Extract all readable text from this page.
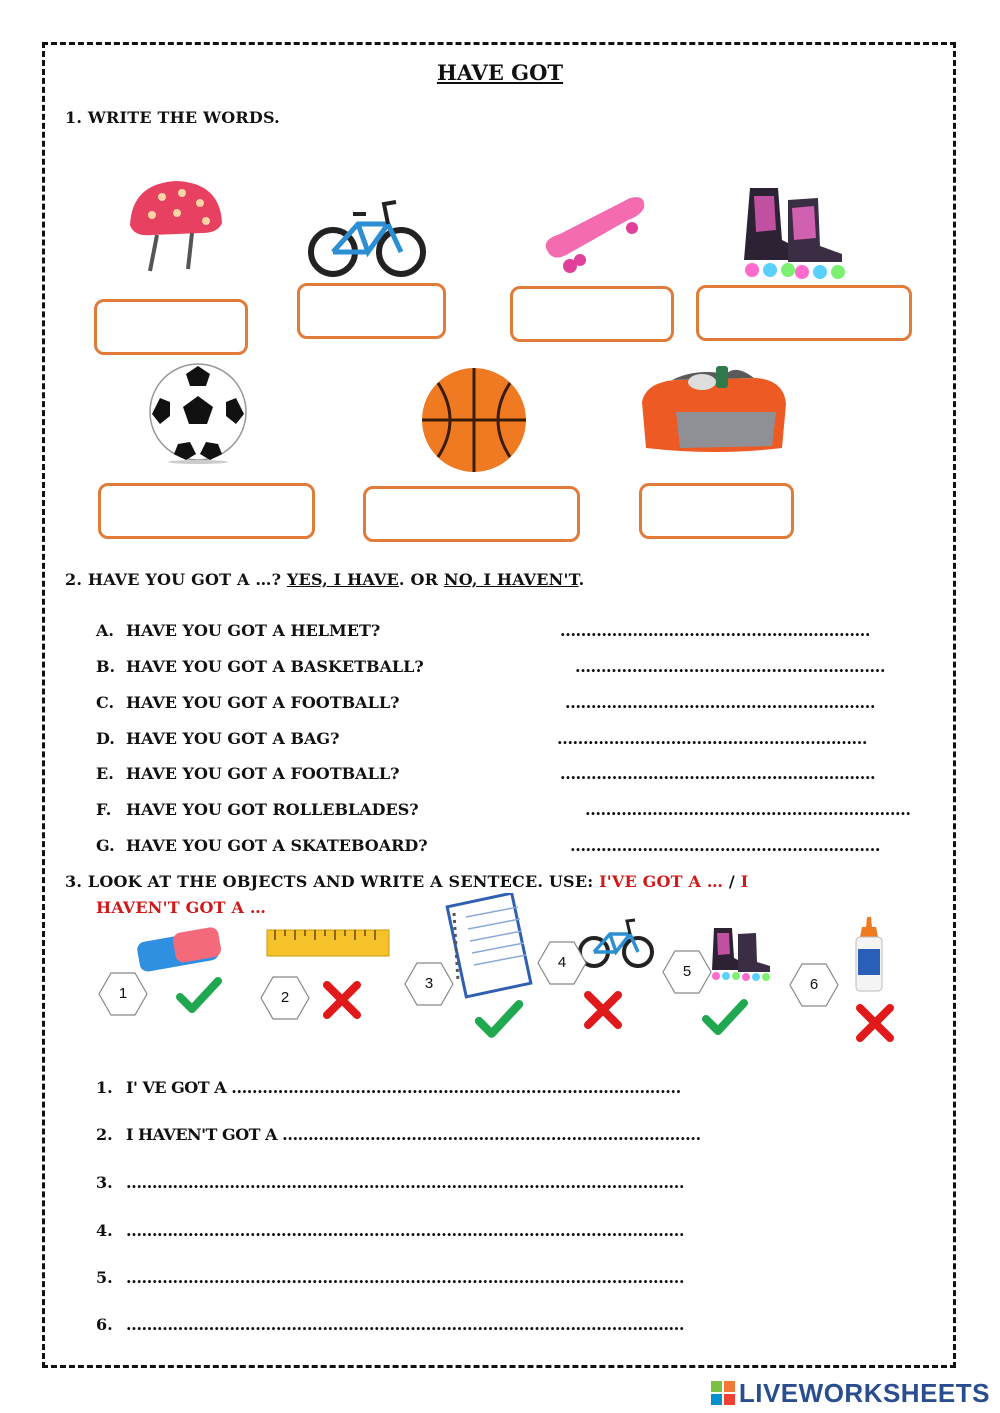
HAVE GOT
1. WRITE THE WORDS.
2. HAVE YOU GOT A …? YES, I HAVE. OR NO, I HAVEN'T.
A. HAVE YOU GOT A HELMET?	……………………………………………………
B. HAVE YOU GOT A BASKETBALL?	……………………………………………………
C. HAVE YOU GOT A FOOTBALL?	……………………………………………………
D. HAVE YOU GOT A BAG?	……………………………………………………
E. HAVE YOU GOT A FOOTBALL?	…………………………………………………….
F. HAVE YOU GOT ROLLEBLADES?	………………………………………………………
G. HAVE YOU GOT A SKATEBOARD?	……………………………………………………
3. LOOK AT THE OBJECTS AND WRITE A SENTECE. USE: I'VE GOT A … / I
HAVEN'T GOT A …
1	2
3
4
5
6
1. I' VE GOT A ……………………………………………………………………………
2. I HAVEN'T GOT A ………………………………………………………………………
3. ………………………………………………………………………………………………
4. ………………………………………………………………………………………………
5. ………………………………………………………………………………………………
6. ………………………………………………………………………………………………
LIVEWORKSHEETS
